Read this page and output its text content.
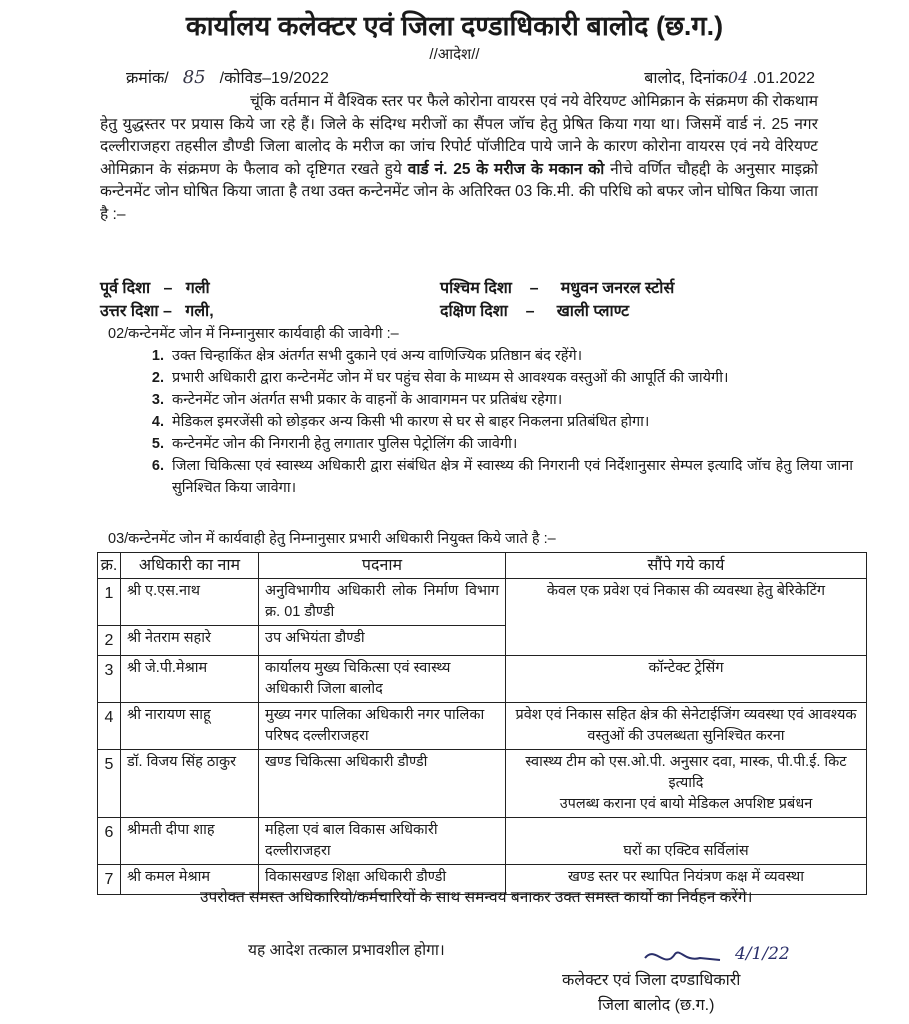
कार्यालय कलेक्टर एवं जिला दण्डाधिकारी बालोद (छ.ग.)
//आदेश//
क्रमांक/ 85 /कोविड–19/2022	बालोद, दिनांक04 .01.2022
चूंकि वर्तमान में वैश्विक स्तर पर फैले कोरोना वायरस एवं नये वेरियण्ट ओमिक्रान के संक्रमण की रोकथाम हेतु युद्धस्तर पर प्रयास किये जा रहे हैं। जिले के संदिग्ध मरीजों का सैंपल जॉच हेतु प्रेषित किया गया था। जिसमें वार्ड नं. 25 नगर दल्लीराजहरा तहसील डौण्डी जिला बालोद के मरीज का जांच रिपोर्ट पॉजीटिव पाये जाने के कारण कोरोना वायरस एवं नये वेरियण्ट ओमिक्रान के संक्रमण के फैलाव को दृष्टिगत रखते हुये वार्ड नं. 25 के मरीज के मकान को नीचे वर्णित चौहद्दी के अनुसार माइक्रो कन्टेनमेंट जोन घोषित किया जाता है तथा उक्त कन्टेनमेंट जोन के अतिरिक्त 03 कि.मी. की परिधि को बफर जोन घोषित किया जाता है :–
पूर्व दिशा – गली	पश्चिम दिशा – मधुवन जनरल स्टोर्स
उत्तर दिशा – गली,	दक्षिण दिशा – खाली प्लाण्ट
02/कन्टेनमेंट जोन में निम्नानुसार कार्यवाही की जावेगी :–
1. उक्त चिन्हाकिंत क्षेत्र अंतर्गत सभी दुकाने एवं अन्य वाणिज्यिक प्रतिष्ठान बंद रहेंगे।
2. प्रभारी अधिकारी द्वारा कन्टेनमेंट जोन में घर पहुंच सेवा के माध्यम से आवश्यक वस्तुओं की आपूर्ति की जायेगी।
3. कन्टेनमेंट जोन अंतर्गत सभी प्रकार के वाहनों के आवागमन पर प्रतिबंध रहेगा।
4. मेडिकल इमरजेंसी को छोड़कर अन्य किसी भी कारण से घर से बाहर निकलना प्रतिबंधित होगा।
5. कन्टेनमेंट जोन की निगरानी हेतु लगातार पुलिस पेट्रोलिंग की जावेगी।
6. जिला चिकित्सा एवं स्वास्थ्य अधिकारी द्वारा संबंधित क्षेत्र में स्वास्थ्य की निगरानी एवं निर्देशानुसार सेम्पल इत्यादि जॉच हेतु लिया जाना सुनिश्चित किया जावेगा।
03/कन्टेनमेंट जोन में कार्यवाही हेतु निम्नानुसार प्रभारी अधिकारी नियुक्त किये जाते है :–
क्र.	अधिकारी का नाम	पदनाम	सौंपे गये कार्य
1	श्री ए.एस.नाथ	अनुविभागीय अधिकारी लोक निर्माण विभाग क्र. 01 डौण्डी	केवल एक प्रवेश एवं निकास की व्यवस्था हेतु बेरिकेटिंग
2	श्री नेतराम सहारे	उप अभियंता डौण्डी	
3	श्री जे.पी.मेश्राम	कार्यालय मुख्य चिकित्सा एवं स्वास्थ्य अधिकारी जिला बालोद	कॉन्टेक्ट ट्रेसिंग
4	श्री नारायण साहू	मुख्य नगर पालिका अधिकारी नगर पालिका परिषद दल्लीराजहरा	प्रवेश एवं निकास सहित क्षेत्र की सेनेटाईजिंग व्यवस्था एवं आवश्यक वस्तुओं की उपलब्धता सुनिश्चित करना
5	डॉ. विजय सिंह ठाकुर	खण्ड चिकित्सा अधिकारी डौण्डी	स्वास्थ्य टीम को एस.ओ.पी. अनुसार दवा, मास्क, पी.पी.ई. किट इत्यादि
उपलब्ध कराना एवं बायो मेडिकल अपशिष्ट प्रबंधन

6	श्रीमती दीपा शाह	महिला एवं बाल विकास अधिकारी दल्लीराजहरा	घरों का एक्टिव सर्विलांस
7	श्री कमल मेश्राम	विकासखण्ड शिक्षा अधिकारी डौण्डी	खण्ड स्तर पर स्थापित नियंत्रण कक्ष में व्यवस्था
उपरोक्त समस्त अधिकारियो/कर्मचारियों के साथ समन्वय बनाकर उक्त समस्त कार्यो का निर्वहन करेंगे।
यह आदेश तत्काल प्रभावशील होगा।	4/1/22
कलेक्टर एवं जिला दण्डाधिकारी
जिला बालोद (छ.ग.)
